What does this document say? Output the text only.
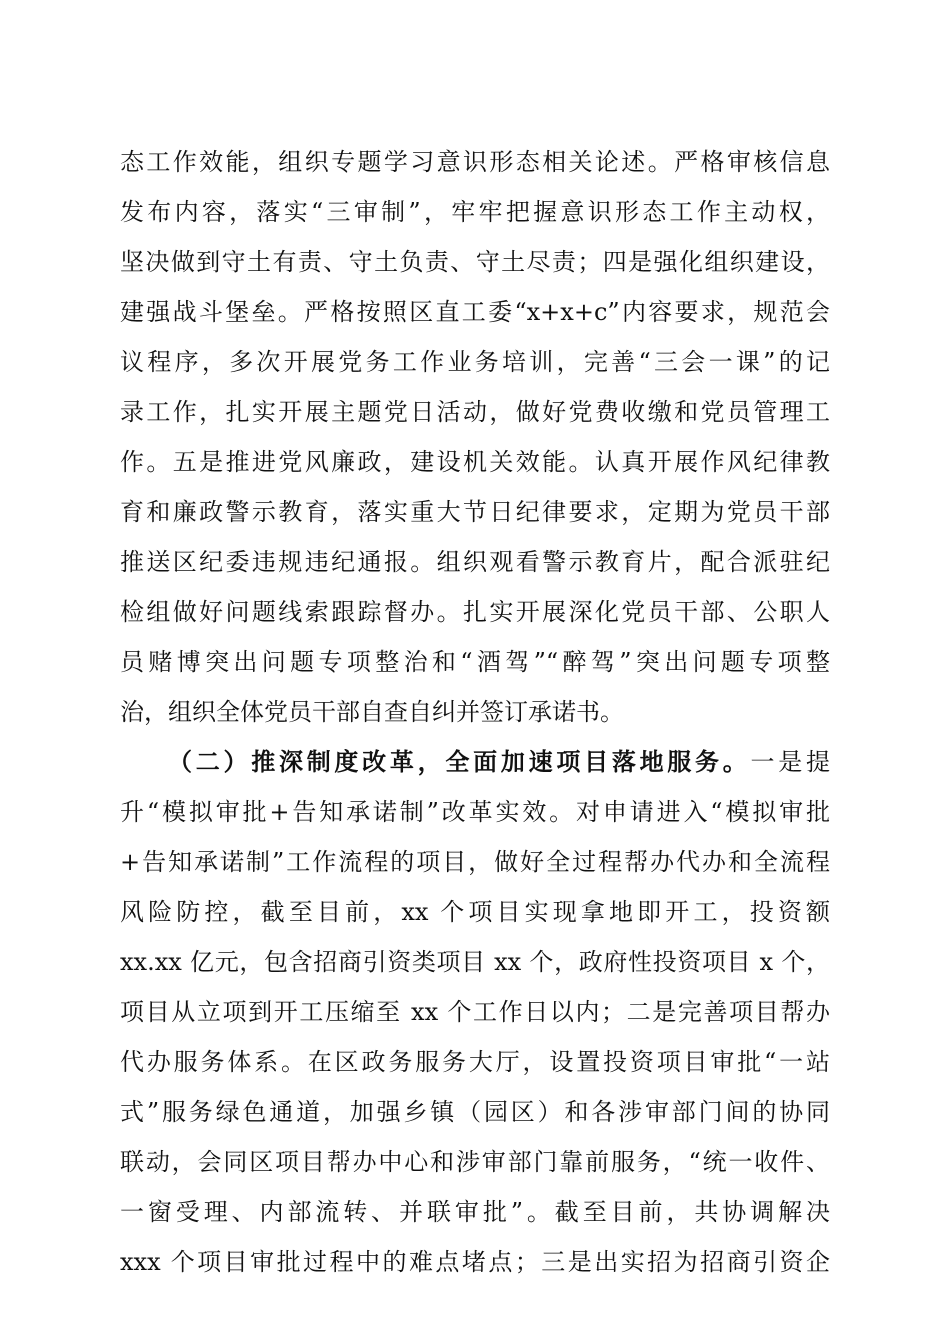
态工作效能，组织专题学习意识形态相关论述。严格审核信息
发布内容，落实“三审制”，牢牢把握意识形态工作主动权，
坚决做到守土有责、守土负责、守土尽责；四是强化组织建设，
建强战斗堡垒。严格按照区直工委“x+x+c”内容要求，规范会
议程序，多次开展党务工作业务培训，完善“三会一课”的记
录工作，扎实开展主题党日活动，做好党费收缴和党员管理工
作。五是推进党风廉政，建设机关效能。认真开展作风纪律教
育和廉政警示教育，落实重大节日纪律要求，定期为党员干部
推送区纪委违规违纪通报。组织观看警示教育片，配合派驻纪
检组做好问题线索跟踪督办。扎实开展深化党员干部、公职人
员赌博突出问题专项整治和“酒驾”“醉驾”突出问题专项整
治，组织全体党员干部自查自纠并签订承诺书。
（二）推深制度改革，全面加速项目落地服务。一是提
升“模拟审批+告知承诺制”改革实效。对申请进入“模拟审批
+告知承诺制”工作流程的项目，做好全过程帮办代办和全流程
风险防控，截至目前，xx 个项目实现拿地即开工，投资额
xx.xx 亿元，包含招商引资类项目 xx 个，政府性投资项目 x 个，
项目从立项到开工压缩至 xx 个工作日以内；二是完善项目帮办
代办服务体系。在区政务服务大厅，设置投资项目审批“一站
式”服务绿色通道，加强乡镇（园区）和各涉审部门间的协同
联动，会同区项目帮办中心和涉审部门靠前服务，“统一收件、
一窗受理、内部流转、并联审批”。截至目前，共协调解决
xxx 个项目审批过程中的难点堵点；三是出实招为招商引资企
